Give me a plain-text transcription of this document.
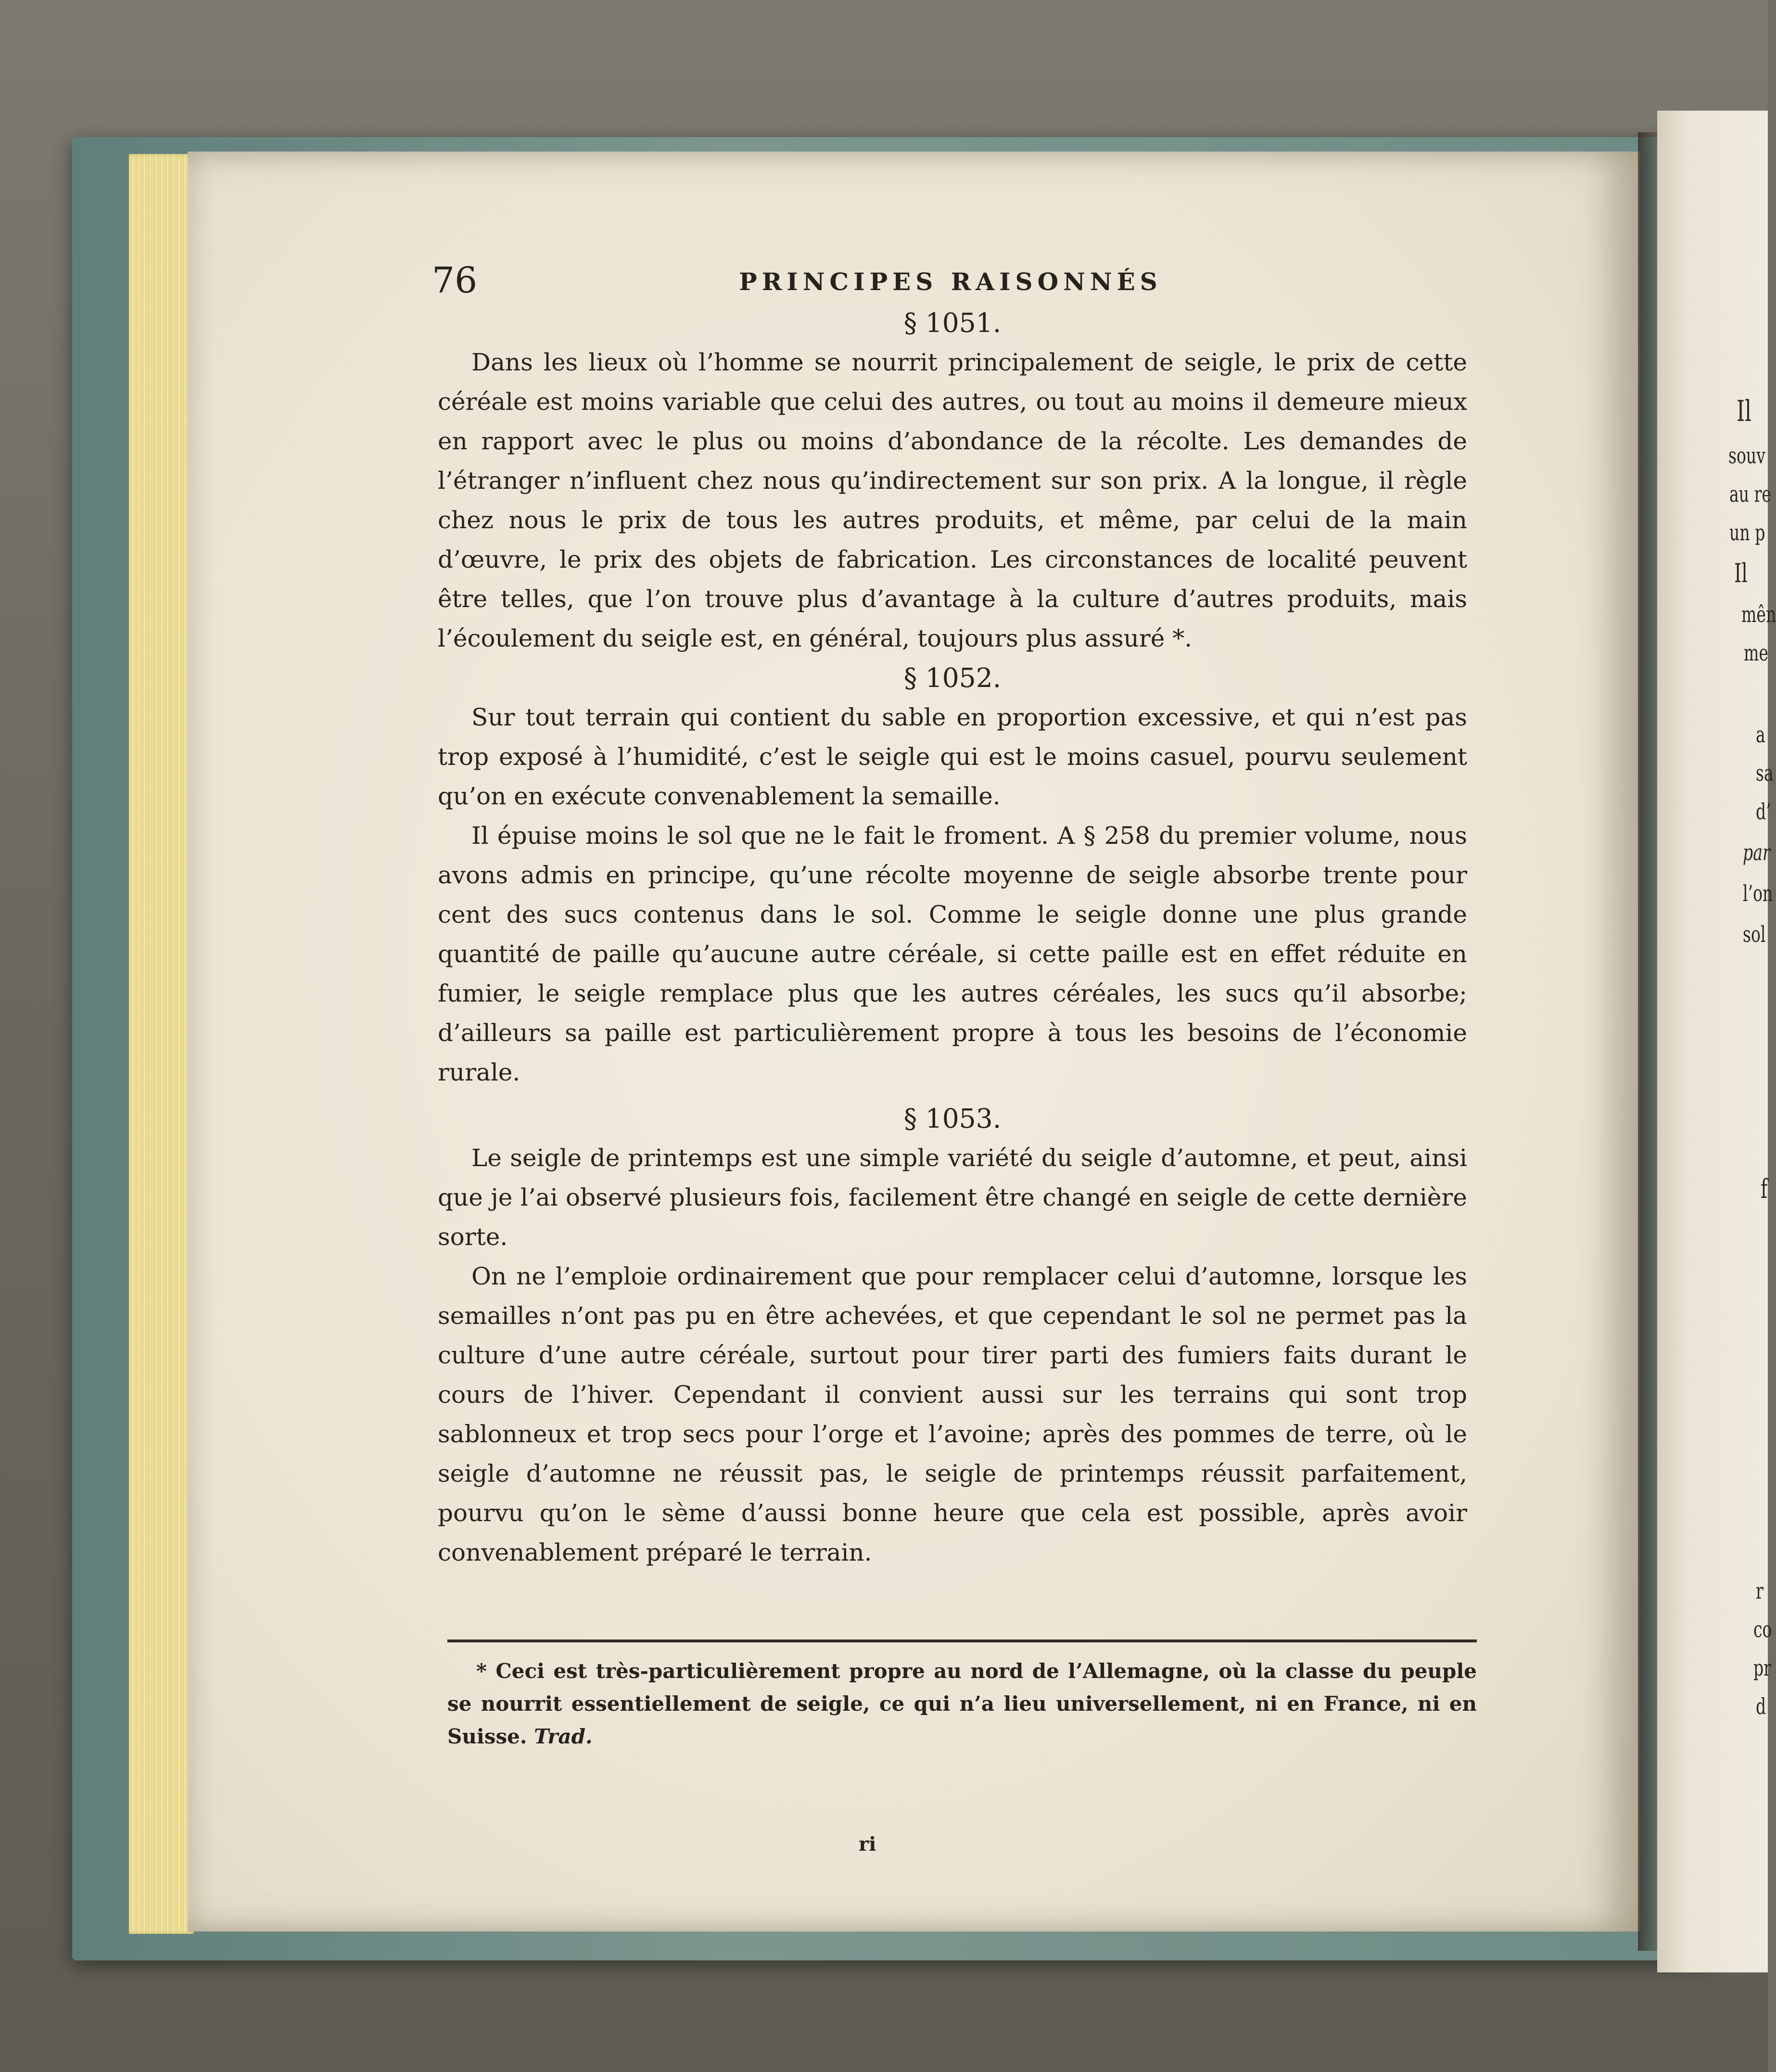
76	PRINCIPES RAISONNÉS

§ 1051.

Dans les lieux où l’homme se nourrit principalement de seigle, le prix de cette céréale est moins variable que celui des autres, ou tout au moins il demeure mieux en rapport avec le plus ou moins d’abondance de la récolte. Les demandes de l’étranger n’influent chez nous qu’indirectement sur son prix. A la longue, il règle chez nous le prix de tous les autres produits, et même, par celui de la main d’œuvre, le prix des objets de fabrication. Les circonstances de localité peuvent être telles, que l’on trouve plus d’avantage à la culture d’autres produits, mais l’écoulement du seigle est, en général, toujours plus assuré *.

§ 1052.

Sur tout terrain qui contient du sable en proportion excessive, et qui n’est pas trop exposé à l’humidité, c’est le seigle qui est le moins casuel, pourvu seulement qu’on en exécute convenablement la semaille.

Il épuise moins le sol que ne le fait le froment. A § 258 du premier volume, nous avons admis en principe, qu’une récolte moyenne de seigle absorbe trente pour cent des sucs contenus dans le sol. Comme le seigle donne une plus grande quantité de paille qu’aucune autre céréale, si cette paille est en effet réduite en fumier, le seigle remplace plus que les autres céréales, les sucs qu’il absorbe; d’ailleurs sa paille est particulièrement propre à tous les besoins de l’économie rurale.

§ 1053.

Le seigle de printemps est une simple variété du seigle d’automne, et peut, ainsi que je l’ai observé plusieurs fois, facilement être changé en seigle de cette dernière sorte.

On ne l’emploie ordinairement que pour remplacer celui d’automne, lorsque les semailles n’ont pas pu en être achevées, et que cependant le sol ne permet pas la culture d’une autre céréale, surtout pour tirer parti des fumiers faits durant le cours de l’hiver. Cependant il convient aussi sur les terrains qui sont trop sablonneux et trop secs pour l’orge et l’avoine; après des pommes de terre, où le seigle d’automne ne réussit pas, le seigle de printemps réussit parfaitement, pourvu qu’on le sème d’aussi bonne heure que cela est possible, après avoir convenablement préparé le terrain.

* Ceci est très-particulièrement propre au nord de l’Allemagne, où la classe du peuple se nourrit essentiellement de seigle, ce qui n’a lieu universellement, ni en France, ni en Suisse. Trad.

ri
Il
souv
au re
un p
Il
mên
me
a
sa
d’
par
l’on
sol
f
r
co
pr
d
